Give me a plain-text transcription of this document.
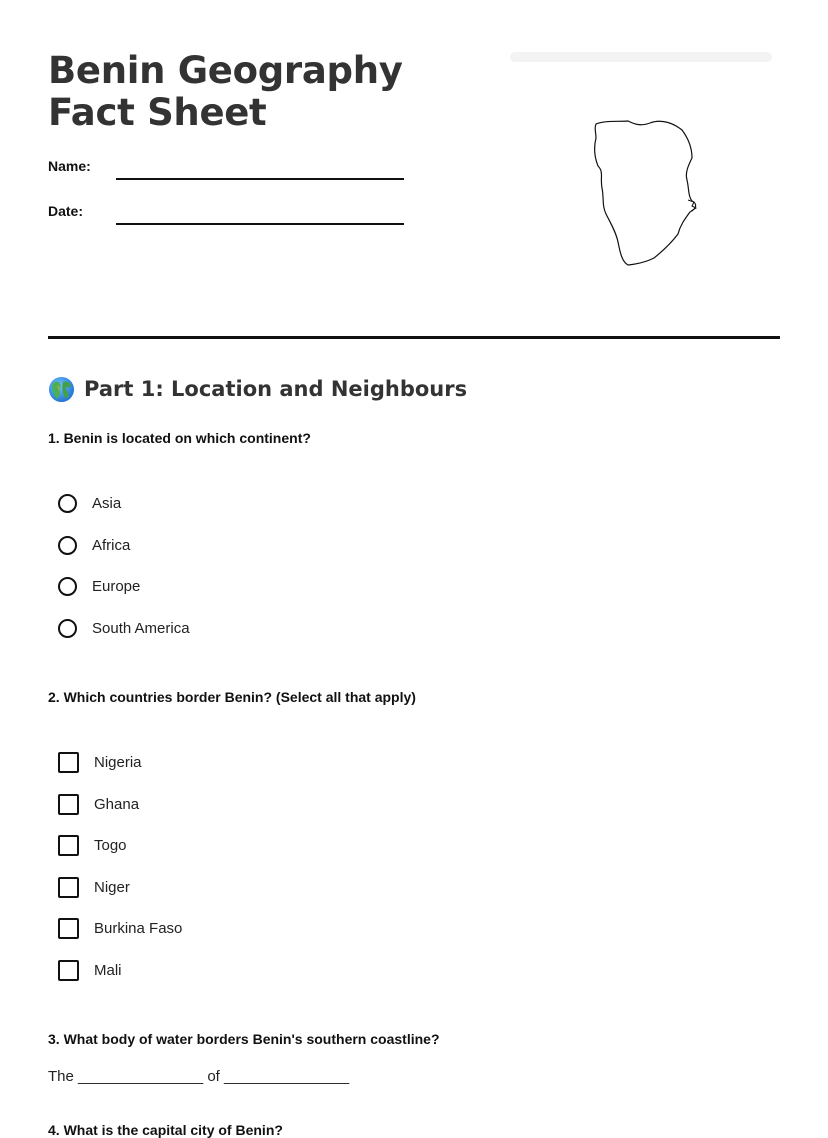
Benin Geography Fact Sheet
Name:
Date:
Part 1: Location and Neighbours

1. Benin is located on which continent?

Asia
Africa
Europe
South America

2. Which countries border Benin? (Select all that apply)

Nigeria
Ghana
Togo
Niger
Burkina Faso
Mali

3. What body of water borders Benin's southern coastline?

The _______________ of _______________

4. What is the capital city of Benin?
